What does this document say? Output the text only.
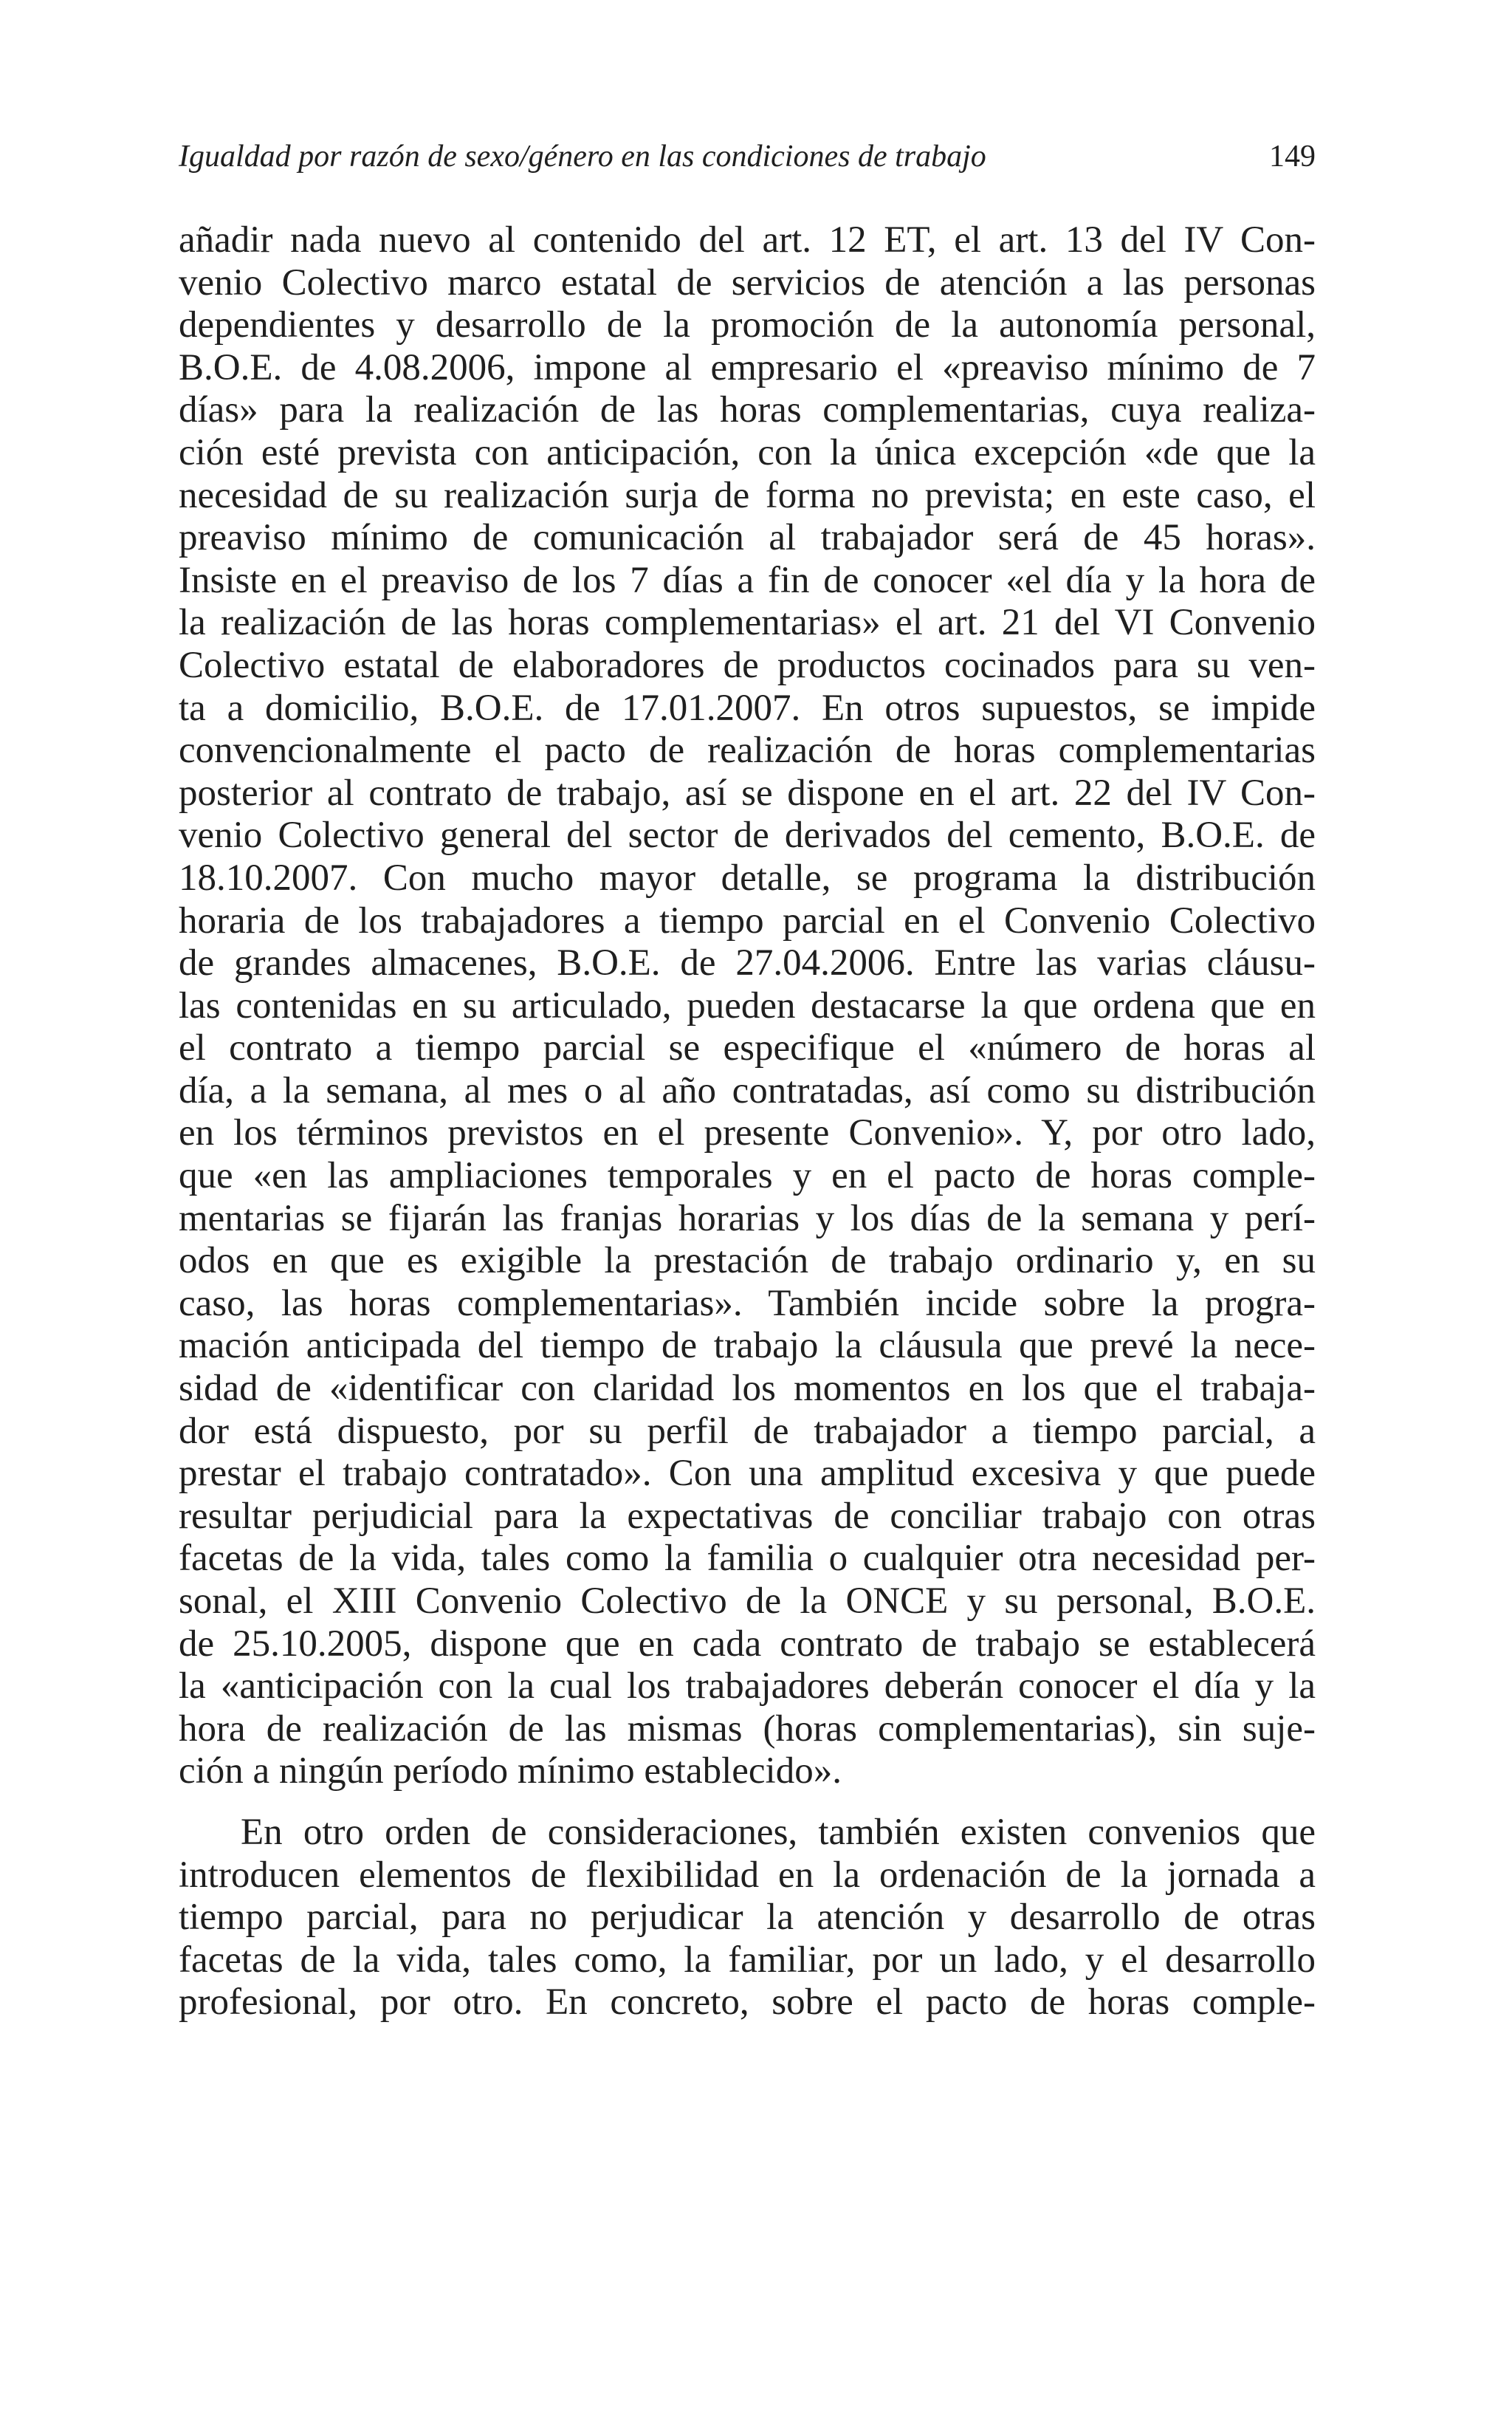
Igualdad por razón de sexo/género en las condiciones de trabajo	149
añadir nada nuevo al contenido del art. 12 ET, el art. 13 del IV Con-
venio Colectivo marco estatal de servicios de atención a las personas
dependientes y desarrollo de la promoción de la autonomía personal,
B.O.E. de 4.08.2006, impone al empresario el «preaviso mínimo de 7
días» para la realización de las horas complementarias, cuya realiza-
ción esté prevista con anticipación, con la única excepción «de que la
necesidad de su realización surja de forma no prevista; en este caso, el
preaviso mínimo de comunicación al trabajador será de 45 horas».
Insiste en el preaviso de los 7 días a fin de conocer «el día y la hora de
la realización de las horas complementarias» el art. 21 del VI Convenio
Colectivo estatal de elaboradores de productos cocinados para su ven-
ta a domicilio, B.O.E. de 17.01.2007. En otros supuestos, se impide
convencionalmente el pacto de realización de horas complementarias
posterior al contrato de trabajo, así se dispone en el art. 22 del IV Con-
venio Colectivo general del sector de derivados del cemento, B.O.E. de
18.10.2007. Con mucho mayor detalle, se programa la distribución
horaria de los trabajadores a tiempo parcial en el Convenio Colectivo
de grandes almacenes, B.O.E. de 27.04.2006. Entre las varias cláusu-
las contenidas en su articulado, pueden destacarse la que ordena que en
el contrato a tiempo parcial se especifique el «número de horas al
día, a la semana, al mes o al año contratadas, así como su distribución
en los términos previstos en el presente Convenio». Y, por otro lado,
que «en las ampliaciones temporales y en el pacto de horas comple-
mentarias se fijarán las franjas horarias y los días de la semana y perí-
odos en que es exigible la prestación de trabajo ordinario y, en su
caso, las horas complementarias». También incide sobre la progra-
mación anticipada del tiempo de trabajo la cláusula que prevé la nece-
sidad de «identificar con claridad los momentos en los que el trabaja-
dor está dispuesto, por su perfil de trabajador a tiempo parcial, a
prestar el trabajo contratado». Con una amplitud excesiva y que puede
resultar perjudicial para la expectativas de conciliar trabajo con otras
facetas de la vida, tales como la familia o cualquier otra necesidad per-
sonal, el XIII Convenio Colectivo de la ONCE y su personal, B.O.E.
de 25.10.2005, dispone que en cada contrato de trabajo se establecerá
la «anticipación con la cual los trabajadores deberán conocer el día y la
hora de realización de las mismas (horas complementarias), sin suje-
ción a ningún período mínimo establecido».
En otro orden de consideraciones, también existen convenios que
introducen elementos de flexibilidad en la ordenación de la jornada a
tiempo parcial, para no perjudicar la atención y desarrollo de otras
facetas de la vida, tales como, la familiar, por un lado, y el desarrollo
profesional, por otro. En concreto, sobre el pacto de horas comple-
